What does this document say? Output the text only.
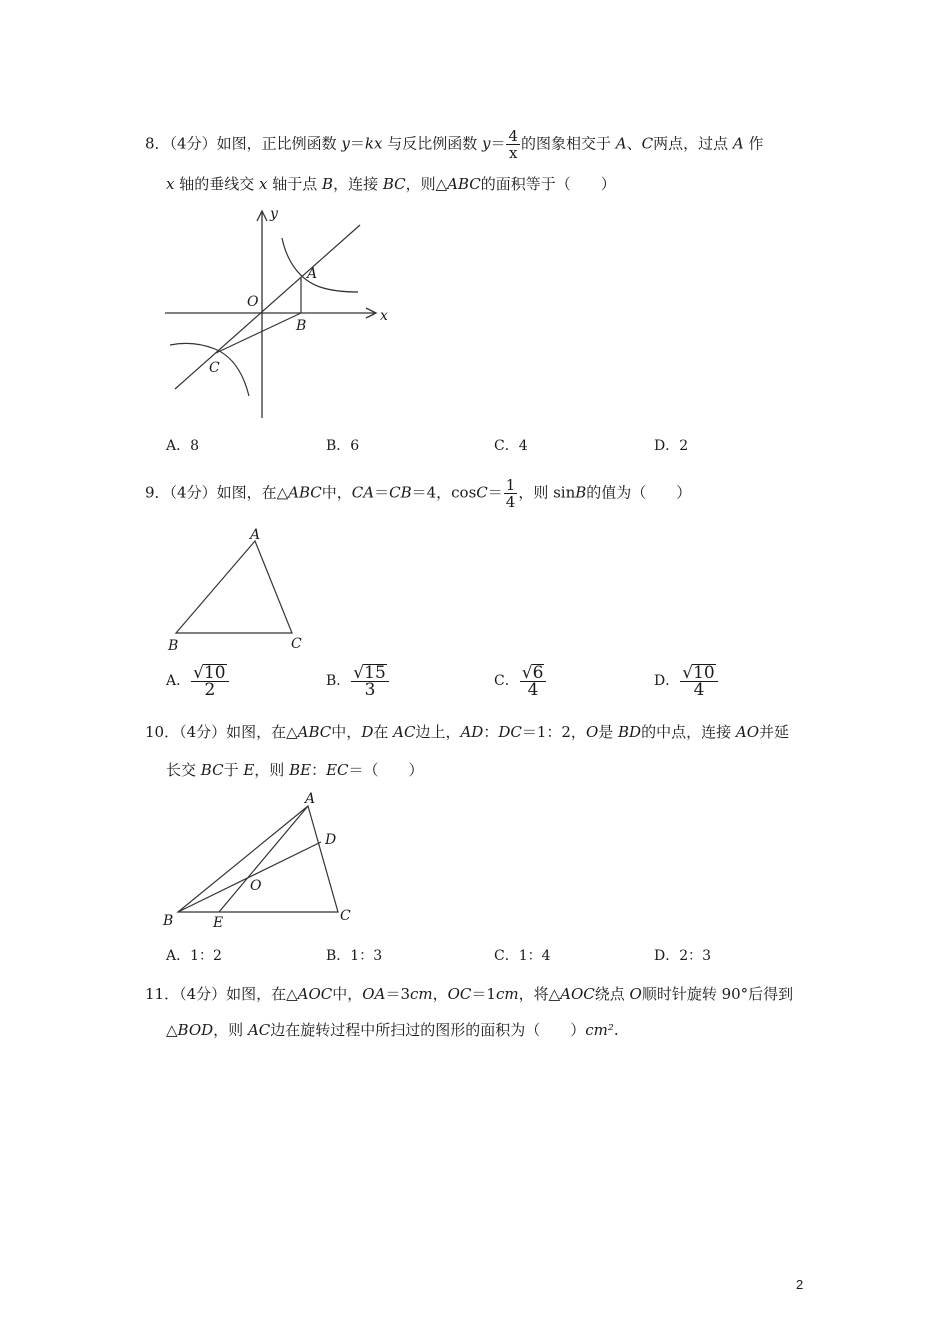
8．（4分）如图，正比例函数 y＝kx 与反比例函数 $y= \frac{4}{x}$ 的图象相交于 A、C两点，过点 A 作
x 轴的垂线交 x 轴于点 B，连接 BC，则△ABC的面积等于（　　）
y
x
O
A
B
C
A．8	B．6	C．4	D．2
9．（4分）如图，在△ABC中，CA＝CB＝4，$\cos C= \frac{1}{4}$ ，则 sinB的值为（　　）
A
B	C
A． $\frac{√10}{2}$	B． $\frac{√15}{3}$	C． $\frac{√6}{4}$	D． $\frac{√10}{4}$
10．（4分）如图，在△ABC中，D在 AC边上，AD：DC＝1：2，O是 BD的中点，连接 AO并延
长交 BC于 E，则 BE：EC＝（　　）
A
D
O
B	E	C
A．1：2	B．1：3	C．1：4	D．2：3
11．（4分）如图，在△AOC中，OA＝3cm，OC＝1cm，将△AOC绕点 O顺时针旋转 90°后得到
△BOD，则 AC边在旋转过程中所扫过的图形的面积为（　　）cm².
2
